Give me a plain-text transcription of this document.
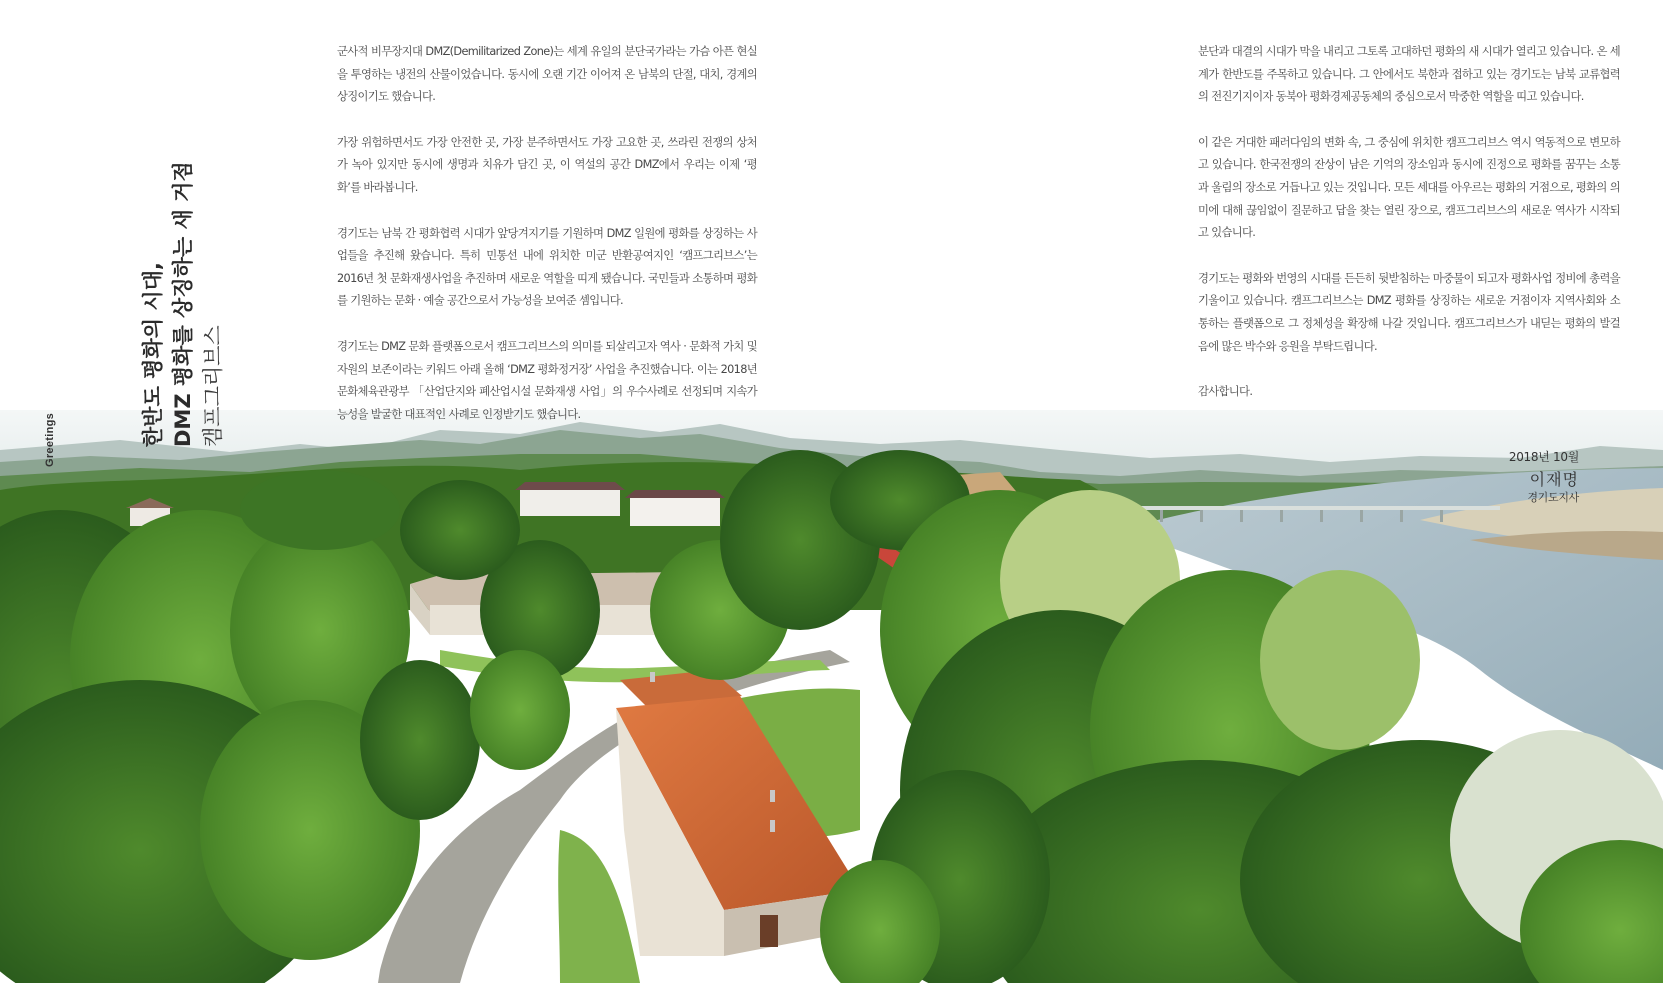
Greetings	한반도 평화의 시대, DMZ 평화를 상징하는 새 거점 캠프그리브스

군사적 비무장지대 DMZ(Demilitarized Zone)는 세계 유일의 분단국가라는 가슴 아픈 현실을 투영하는 냉전의 산물이었습니다. 동시에 오랜 기간 이어져 온 남북의 단절, 대치, 경계의 상징이기도 했습니다.

가장 위험하면서도 가장 안전한 곳, 가장 분주하면서도 가장 고요한 곳, 쓰라린 전쟁의 상처가 녹아 있지만 동시에 생명과 치유가 담긴 곳, 이 역설의 공간 DMZ에서 우리는 이제 ‘평화’를 바라봅니다.

경기도는 남북 간 평화협력 시대가 앞당겨지기를 기원하며 DMZ 일원에 평화를 상징하는 사업들을 추진해 왔습니다. 특히 민통선 내에 위치한 미군 반환공여지인 ‘캠프그리브스’는 2016년 첫 문화재생사업을 추진하며 새로운 역할을 띠게 됐습니다. 국민들과 소통하며 평화를 기원하는 문화 · 예술 공간으로서 가능성을 보여준 셈입니다.

경기도는 DMZ 문화 플랫폼으로서 캠프그리브스의 의미를 되살리고자 역사 · 문화적 가치 및 자원의 보존이라는 키워드 아래 올해 ‘DMZ 평화정거장’ 사업을 추진했습니다. 이는 2018년 문화체육관광부 「산업단지와 폐산업시설 문화재생 사업」의 우수사례로 선정되며 지속가능성을 발굴한 대표적인 사례로 인정받기도 했습니다.

분단과 대결의 시대가 막을 내리고 그토록 고대하던 평화의 새 시대가 열리고 있습니다. 온 세계가 한반도를 주목하고 있습니다. 그 안에서도 북한과 접하고 있는 경기도는 남북 교류협력의 전진기지이자 동북아 평화경제공동체의 중심으로서 막중한 역할을 띠고 있습니다.

이 같은 거대한 패러다임의 변화 속, 그 중심에 위치한 캠프그리브스 역시 역동적으로 변모하고 있습니다. 한국전쟁의 잔상이 남은 기억의 장소임과 동시에 진정으로 평화를 꿈꾸는 소통과 울림의 장소로 거듭나고 있는 것입니다. 모든 세대를 아우르는 평화의 거점으로, 평화의 의미에 대해 끊임없이 질문하고 답을 찾는 열린 장으로, 캠프그리브스의 새로운 역사가 시작되고 있습니다.

경기도는 평화와 번영의 시대를 든든히 뒷받침하는 마중물이 되고자 평화사업 정비에 총력을 기울이고 있습니다. 캠프그리브스는 DMZ 평화를 상징하는 새로운 거점이자 지역사회와 소통하는 플랫폼으로 그 정체성을 확장해 나갈 것입니다. 캠프그리브스가 내딛는 평화의 발걸음에 많은 박수와 응원을 부탁드립니다.

감사합니다.

2018년 10월
이재명
경기도지사
